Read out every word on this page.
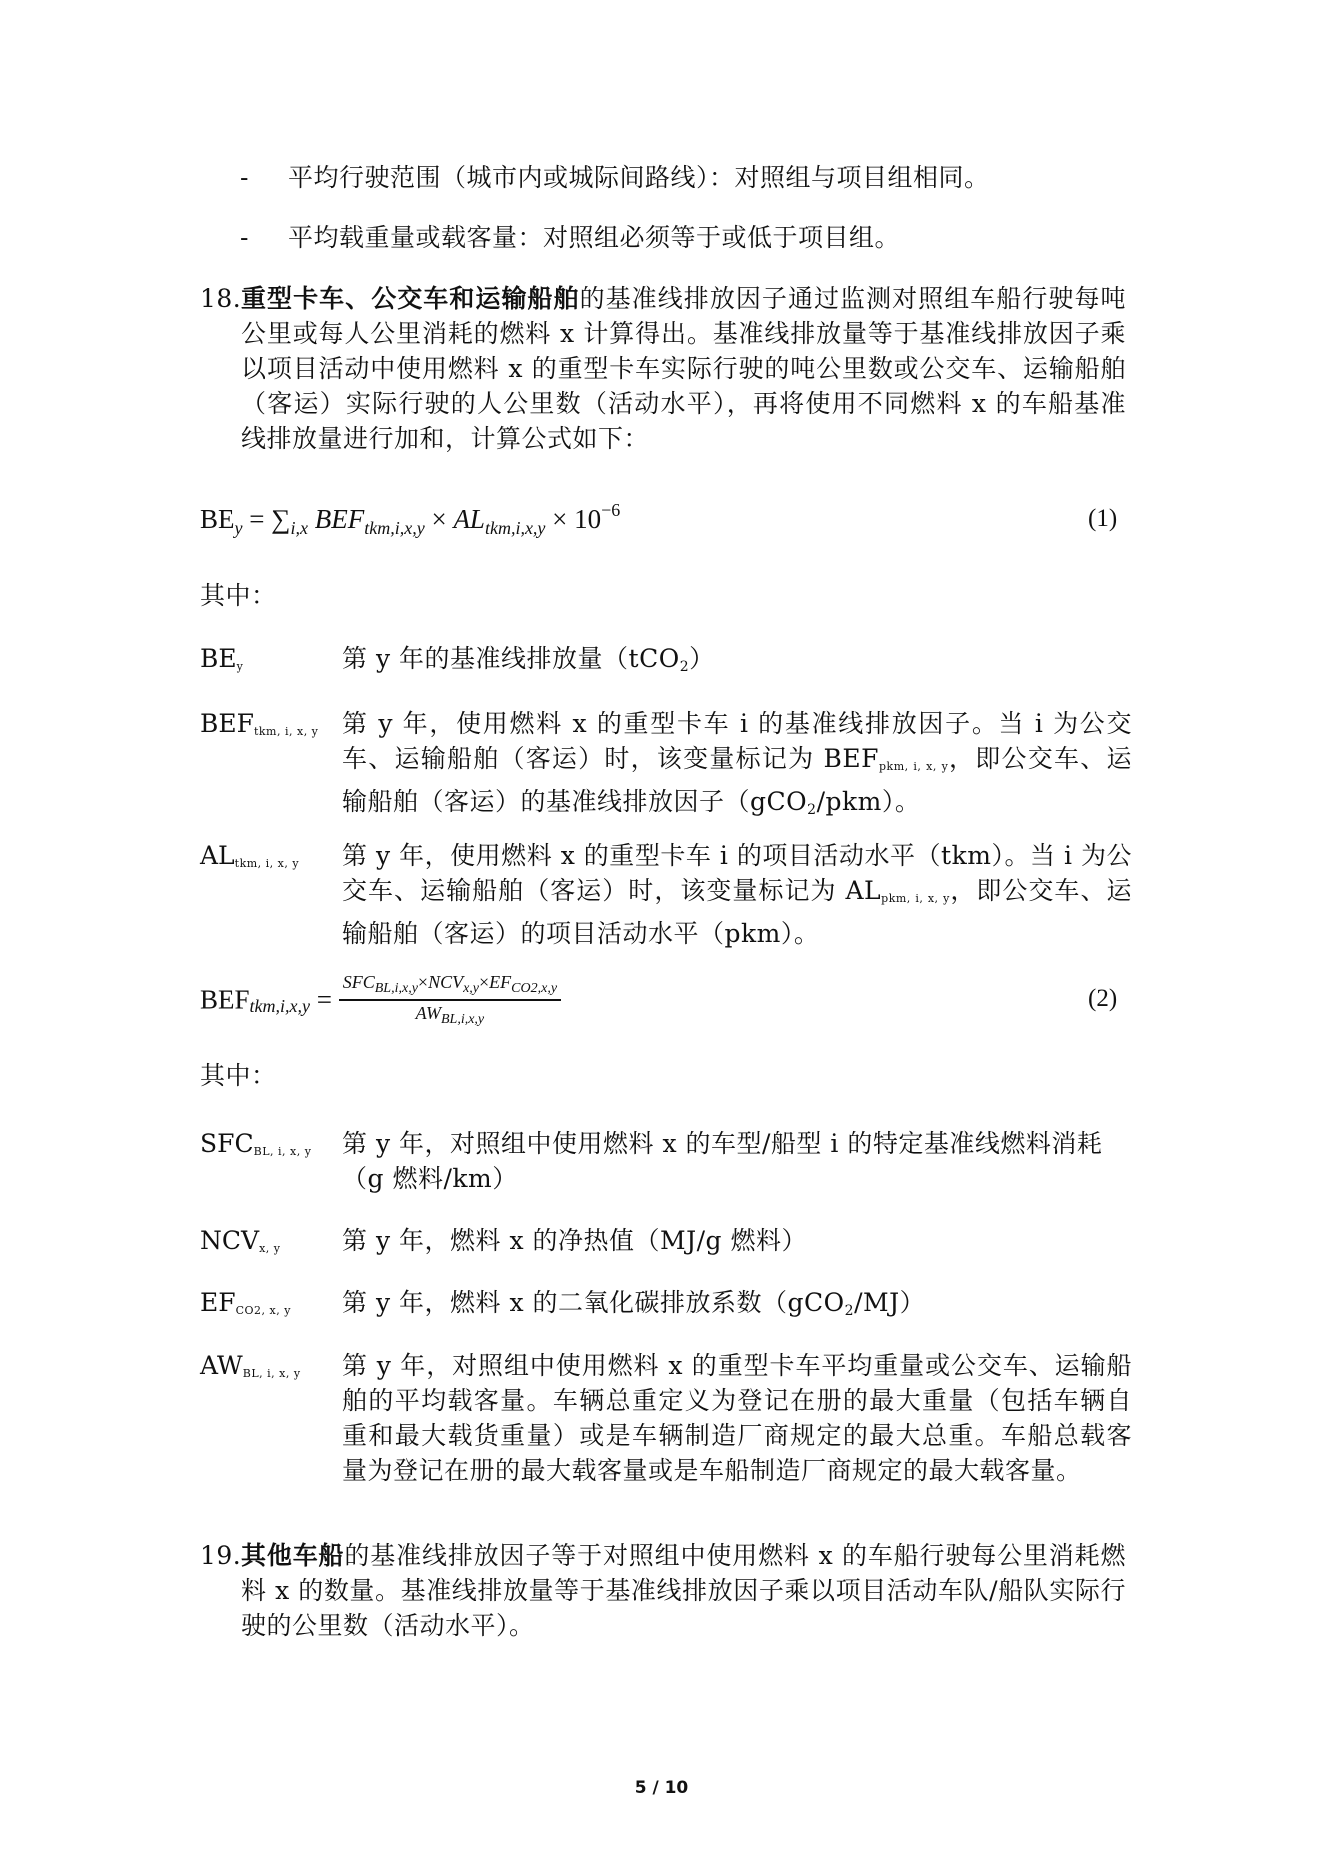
- 平均行驶范围（城市内或城际间路线）：对照组与项目组相同。
- 平均载重量或载客量：对照组必须等于或低于项目组。
18. 重型卡车、公交车和运输船舶的基准线排放因子通过监测对照组车船行驶每吨公里或每人公里消耗的燃料 x 计算得出。基准线排放量等于基准线排放因子乘以项目活动中使用燃料 x 的重型卡车实际行驶的吨公里数或公交车、运输船舶（客运）实际行驶的人公里数（活动水平），再将使用不同燃料 x 的车船基准线排放量进行加和，计算公式如下：
$BE_y = \sum_{i,x}$ $BEF_{tkm,i,x,y} \times AL_{tkm,i,x,y} \times 10^{-6}$	(1)
其中：
$BE_y$	第 y 年的基准线排放量（tCO2）
$BEF_{tkm, i, x, y}$ 第 y 年，使用燃料 x 的重型卡车 i 的基准线排放因子。当 i 为公交车、运输船舶（客运）时，该变量标记为 $BEF_{pkm, i, x, y}$，即公交车、运输船舶（客运）的基准线排放因子（gCO2/pkm）。
$AL_{tkm, i, x, y}$ 第 y 年，使用燃料 x 的重型卡车 i 的项目活动水平（tkm）。当 i 为公交车、运输船舶（客运）时，该变量标记为 $AL_{pkm, i, x, y}$，即公交车、运输船舶（客运）的项目活动水平（pkm）。
$BEF_{tkm,i,x,y} = \frac{SFC_{BL,i,x,y}\times NCV_{x,y}\times EF_{CO2,x,y}}{AW_{BL,i,x,y}}$	(2)
其中：
$SFC_{BL, i, x, y}$ 第 y 年，对照组中使用燃料 x 的车型/船型 i 的特定基准线燃料消耗（g 燃料/km）
$NCV_{x, y}$ 第 y 年，燃料 x 的净热值（MJ/g 燃料）
$EF_{CO2, x, y}$ 第 y 年，燃料 x 的二氧化碳排放系数（gCO2/MJ）
$AW_{BL, i, x, y}$ 第 y 年，对照组中使用燃料 x 的重型卡车平均重量或公交车、运输船舶的平均载客量。车辆总重定义为登记在册的最大重量（包括车辆自重和最大载货重量）或是车辆制造厂商规定的最大总重。车船总载客量为登记在册的最大载客量或是车船制造厂商规定的最大载客量。
19. 其他车船的基准线排放因子等于对照组中使用燃料 x 的车船行驶每公里消耗燃料 x 的数量。基准线排放量等于基准线排放因子乘以项目活动车队/船队实际行驶的公里数（活动水平）。
5 / 10
